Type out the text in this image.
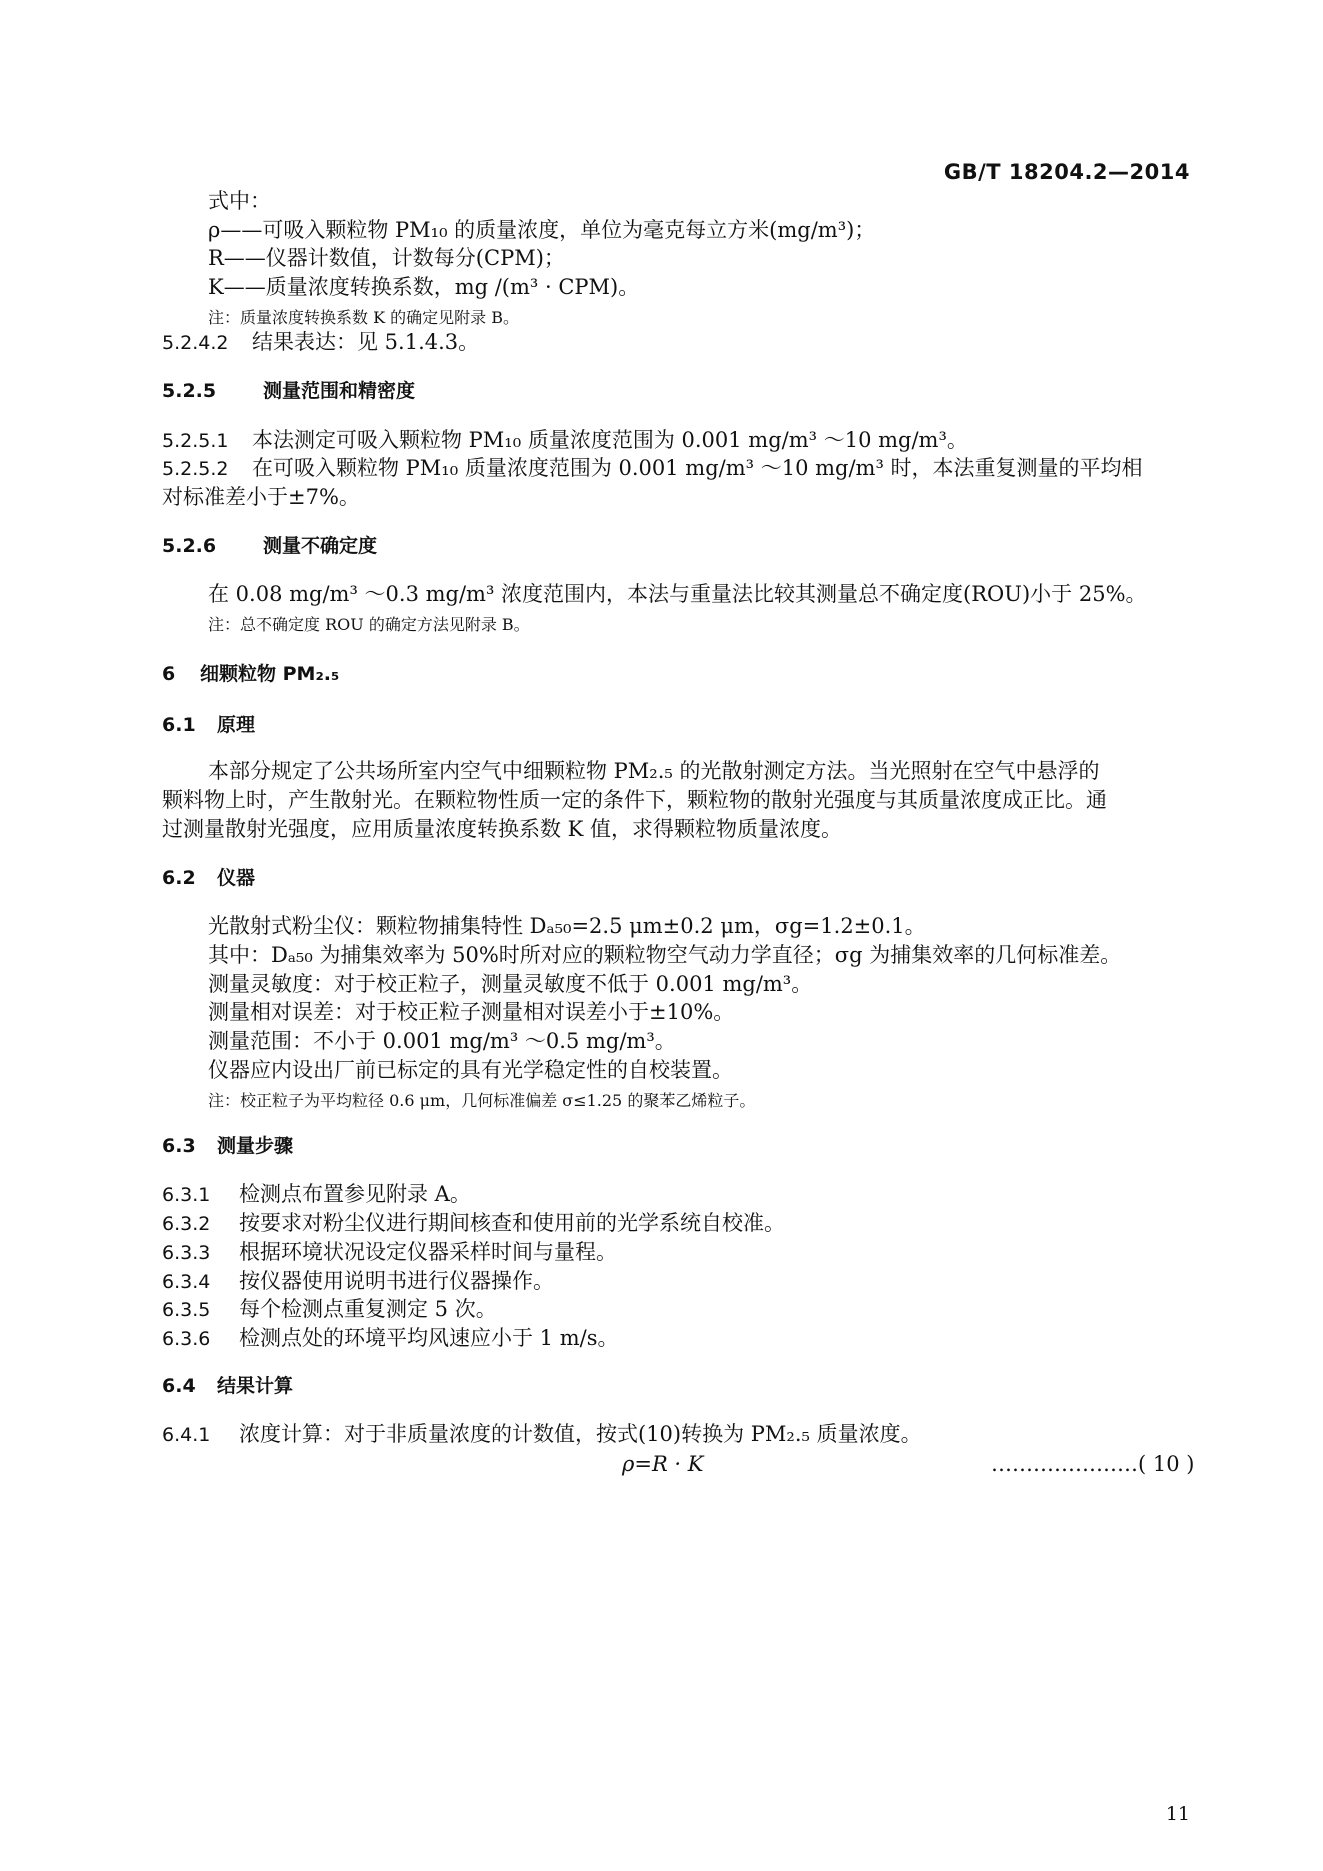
GB/T 18204.2—2014
式中：
ρ——可吸入颗粒物 PM₁₀ 的质量浓度，单位为毫克每立方米(mg/m³)；
R——仪器计数值，计数每分(CPM)；
K——质量浓度转换系数，mg /(m³ · CPM)。
注：质量浓度转换系数 K 的确定见附录 B。
5.2.4.2 结果表达：见 5.1.4.3。
5.2.5 测量范围和精密度
5.2.5.1 本法测定可吸入颗粒物 PM₁₀ 质量浓度范围为 0.001 mg/m³ ～10 mg/m³。
5.2.5.2 在可吸入颗粒物 PM₁₀ 质量浓度范围为 0.001 mg/m³ ～10 mg/m³ 时，本法重复测量的平均相
对标准差小于±7%。
5.2.6 测量不确定度
在 0.08 mg/m³ ～0.3 mg/m³ 浓度范围内，本法与重量法比较其测量总不确定度(ROU)小于 25%。
注：总不确定度 ROU 的确定方法见附录 B。
6 细颗粒物 PM₂.₅
6.1 原理
本部分规定了公共场所室内空气中细颗粒物 PM₂.₅ 的光散射测定方法。当光照射在空气中悬浮的
颗料物上时，产生散射光。在颗粒物性质一定的条件下，颗粒物的散射光强度与其质量浓度成正比。通
过测量散射光强度，应用质量浓度转换系数 K 值，求得颗粒物质量浓度。
6.2 仪器
光散射式粉尘仪：颗粒物捕集特性 Dₐ₅₀=2.5 μm±0.2 μm，σg=1.2±0.1。
其中：Dₐ₅₀ 为捕集效率为 50%时所对应的颗粒物空气动力学直径；σg 为捕集效率的几何标准差。
测量灵敏度：对于校正粒子，测量灵敏度不低于 0.001 mg/m³。
测量相对误差：对于校正粒子测量相对误差小于±10%。
测量范围：不小于 0.001 mg/m³ ～0.5 mg/m³。
仪器应内设出厂前已标定的具有光学稳定性的自校装置。
注：校正粒子为平均粒径 0.6 μm，几何标准偏差 σ≤1.25 的聚苯乙烯粒子。
6.3 测量步骤
6.3.1 检测点布置参见附录 A。
6.3.2 按要求对粉尘仪进行期间核查和使用前的光学系统自校准。
6.3.3 根据环境状况设定仪器采样时间与量程。
6.3.4 按仪器使用说明书进行仪器操作。
6.3.5 每个检测点重复测定 5 次。
6.3.6 检测点处的环境平均风速应小于 1 m/s。
6.4 结果计算
6.4.1 浓度计算：对于非质量浓度的计数值，按式(10)转换为 PM₂.₅ 质量浓度。
ρ=R · K	…………………( 10 )
11
